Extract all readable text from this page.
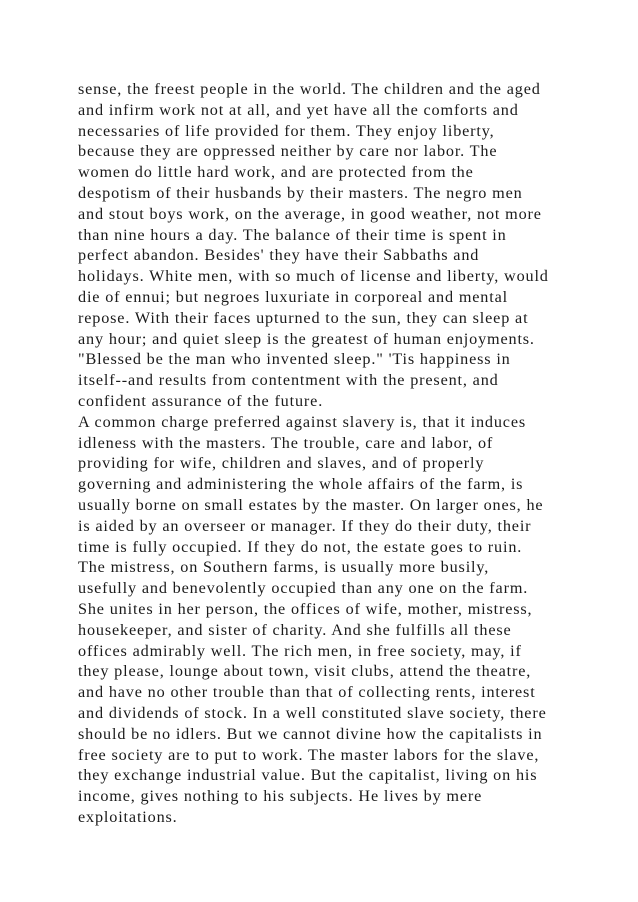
sense, the freest people in the world. The children and the aged
and infirm work not at all, and yet have all the comforts and
necessaries of life provided for them. They enjoy liberty,
because they are oppressed neither by care nor labor. The
women do little hard work, and are protected from the
despotism of their husbands by their masters. The negro men
and stout boys work, on the average, in good weather, not more
than nine hours a day. The balance of their time is spent in
perfect abandon. Besides' they have their Sabbaths and
holidays. White men, with so much of license and liberty, would
die of ennui; but negroes luxuriate in corporeal and mental
repose. With their faces upturned to the sun, they can sleep at
any hour; and quiet sleep is the greatest of human enjoyments.
"Blessed be the man who invented sleep." 'Tis happiness in
itself--and results from contentment with the present, and
confident assurance of the future.
A common charge preferred against slavery is, that it induces
idleness with the masters. The trouble, care and labor, of
providing for wife, children and slaves, and of properly
governing and administering the whole affairs of the farm, is
usually borne on small estates by the master. On larger ones, he
is aided by an overseer or manager. If they do their duty, their
time is fully occupied. If they do not, the estate goes to ruin.
The mistress, on Southern farms, is usually more busily,
usefully and benevolently occupied than any one on the farm.
She unites in her person, the offices of wife, mother, mistress,
housekeeper, and sister of charity. And she fulfills all these
offices admirably well. The rich men, in free society, may, if
they please, lounge about town, visit clubs, attend the theatre,
and have no other trouble than that of collecting rents, interest
and dividends of stock. In a well constituted slave society, there
should be no idlers. But we cannot divine how the capitalists in
free society are to put to work. The master labors for the slave,
they exchange industrial value. But the capitalist, living on his
income, gives nothing to his subjects. He lives by mere
exploitations.
